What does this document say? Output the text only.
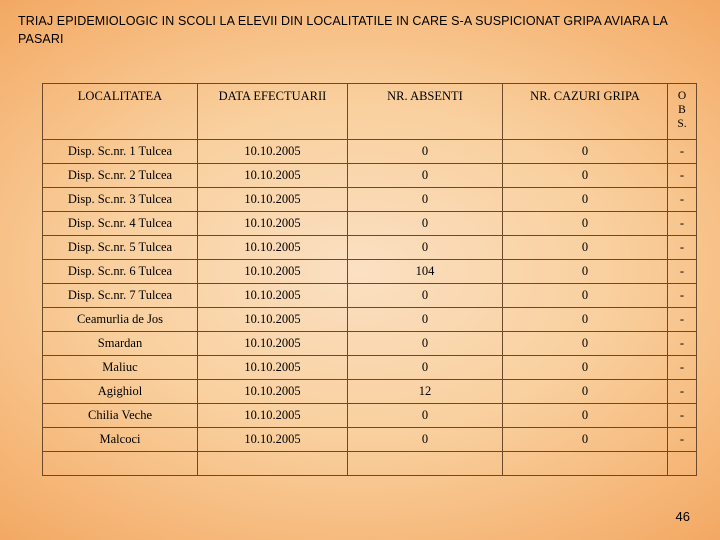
TRIAJ EPIDEMIOLOGIC IN SCOLI LA ELEVII DIN LOCALITATILE IN CARE S-A SUSPICIONAT GRIPA AVIARA LA PASARI
LOCALITATEA	DATA EFECTUARII	NR. ABSENTI	NR. CAZURI GRIPA	O
B
S.

Disp. Sc.nr. 1 Tulcea	10.10.2005	0	0	-
Disp. Sc.nr. 2 Tulcea	10.10.2005	0	0	-
Disp. Sc.nr. 3 Tulcea	10.10.2005	0	0	-
Disp. Sc.nr. 4 Tulcea	10.10.2005	0	0	-
Disp. Sc.nr. 5 Tulcea	10.10.2005	0	0	-
Disp. Sc.nr. 6 Tulcea	10.10.2005	104	0	-
Disp. Sc.nr. 7 Tulcea	10.10.2005	0	0	-
Ceamurlia de Jos	10.10.2005	0	0	-
Smardan	10.10.2005	0	0	-
Maliuc	10.10.2005	0	0	-
Agighiol	10.10.2005	12	0	-
Chilia Veche	10.10.2005	0	0	-
Malcoci	10.10.2005	0	0	-

46
